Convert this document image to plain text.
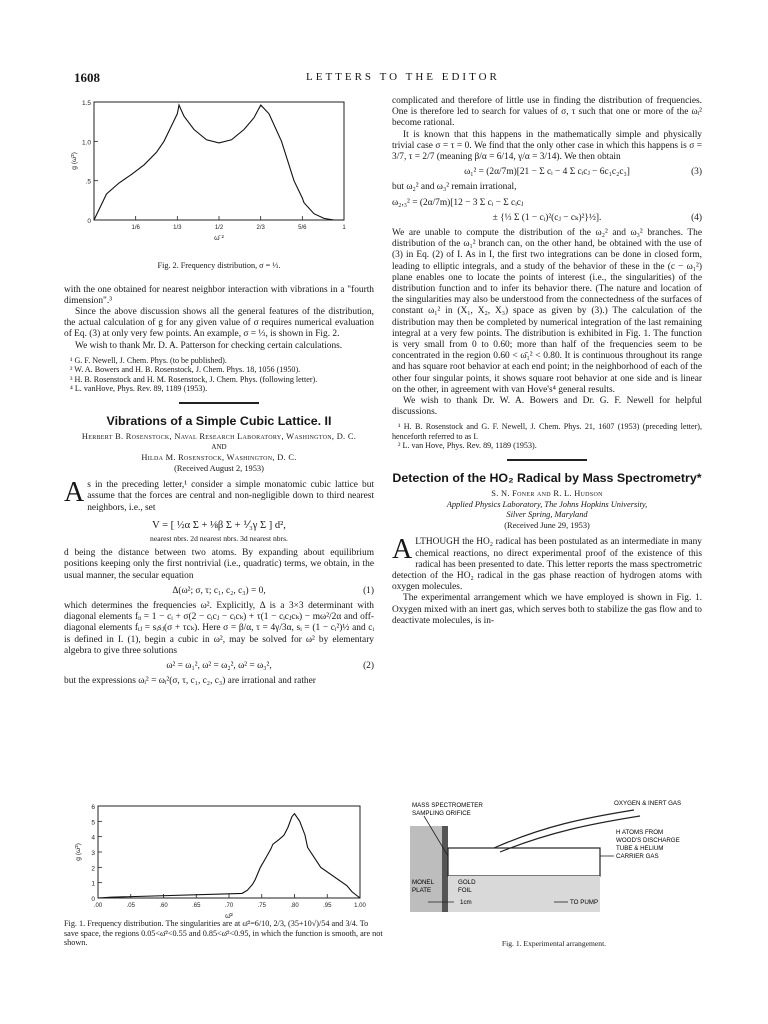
1608	LETTERS TO THE EDITOR
0
.5
1.0
1.5
1/6	1/3	1/2	2/3	5/6	1
g (ω̄²)
ω̄ ²
Fig. 2. Frequency distribution, σ = ⅓.

with the one obtained for nearest neighbor interaction with vibrations in a "fourth dimension".³

Since the above discussion shows all the general features of the distribution, the actual calculation of g for any given value of σ requires numerical evaluation of Eq. (3) at only very few points. An example, σ = ⅓, is shown in Fig. 2.

We wish to thank Mr. D. A. Patterson for checking certain calculations.

¹ G. F. Newell, J. Chem. Phys. (to be published).
² W. A. Bowers and H. B. Rosenstock, J. Chem. Phys. 18, 1056 (1950).
³ H. B. Rosenstock and H. M. Rosenstock, J. Chem. Phys. (following letter).
⁴ L. vanHove, Phys. Rev. 89, 1189 (1953).
Vibrations of a Simple Cubic Lattice. II
Herbert B. Rosenstock, Naval Research Laboratory, Washington, D. C.
AND
Hilda M. Rosenstock, Washington, D. C.
(Received August 2, 1953)

As in the preceding letter,¹ consider a simple monatomic cubic lattice but assume that the forces are central and non-negligible down to third nearest neighbors, i.e., set

V = [ ½α Σ + ⅛β Σ + ⅟₃γ Σ ] d²,
nearest nbrs. 2d nearest nbrs. 3d nearest nbrs.

d being the distance between two atoms. By expanding about equilibrium positions keeping only the first nontrivial (i.e., quadratic) terms, we obtain, in the usual manner, the secular equation

Δ(ω²; σ, τ; c₁, c₂, c₃) = 0,	(1)

which determines the frequencies ω². Explicitly, Δ is a 3×3 determinant with diagonal elements fᵢᵢ = 1 − cᵢ + σ(2 − cᵢcⱼ − cᵢcₖ) + τ(1 − cᵢcⱼcₖ) − mω²/2α and off-diagonal elements fᵢⱼ = sᵢsⱼ(σ + τcₖ). Here σ = β/α, τ = 4γ/3α, sᵢ = (1 − cᵢ²)½ and cᵢ is defined in I. (1), begin a cubic in ω², may be solved for ω² by elementary algebra to give three solutions

ω² = ω₁², ω² = ω₂², ω² = ω₃²,	(2)

but the expressions ωᵢ² = ωᵢ²(σ, τ, c₁, c₂, c₃) are irrational and rather

0
1
2
3
4
5
6
.00	.05	.60	.65	.70	.75	.80	.95	1.00
g (ω̄²)
ω̄²
Fig. 1. Frequency distribution. The singularities are at ω̄²=6/10, 2/3, (35+10√)/54 and 3/4. To save space, the regions 0.05<ω̄²<0.55 and 0.85<ω̄²<0.95, in which the function is smooth, are not shown.

complicated and therefore of little use in finding the distribution of frequencies. One is therefore led to search for values of σ, τ such that one or more of the ωᵢ² become rational.

It is known that this happens in the mathematically simple and physically trivial case σ = τ = 0. We find that the only other case in which this happens is σ = 3/7, τ = 2/7 (meaning β/α = 6/14, γ/α = 3/14). We then obtain

ω₁² = (2α/7m)[21 − Σ cᵢ − 4 Σ cᵢcⱼ − 6c₁c₂c₃]	(3)

but ω₂² and ω₃² remain irrational,

ω₂,₃² = (2α/7m)[12 − 3 Σ cᵢ − Σ cᵢcⱼ
± {⅓ Σ (1 − cᵢ)²(cⱼ − cₖ)²}½].	(4)

We are unable to compute the distribution of the ω₂² and ω₃² branches. The distribution of the ω₁² branch can, on the other hand, be obtained with the use of (3) in Eq. (2) of I. As in I, the first two integrations can be done in closed form, leading to elliptic integrals, and a study of the behavior of these in the (c − ω₁²) plane enables one to locate the points of interest (i.e., the singularities) of the distribution function and to infer its behavior there. (The nature and location of the singularities may also be understood from the connectedness of the surfaces of constant ω₁² in (X₁, X₂, X₃) space as given by (3).) The calculation of the distribution may then be completed by numerical integration of the last remaining integral at a very few points. The distribution is exhibited in Fig. 1. The function is very small from 0 to 0.60; more than half of the frequencies seem to be concentrated in the region 0.60 < ω̄₁² < 0.80. It is continuous throughout its range and has square root behavior at each end point; in the neighborhood of each of the other four singular points, it shows square root behavior at one side and is linear on the other, in agreement with van Hove's⁴ general results.

We wish to thank Dr. W. A. Bowers and Dr. G. F. Newell for helpful discussions.

¹ H. B. Rosenstock and G. F. Newell, J. Chem. Phys. 21, 1607 (1953) (preceding letter), henceforth referred to as I.
² L. van Hove, Phys. Rev. 89, 1189 (1953).
Detection of the HO₂ Radical by Mass Spectrometry*
S. N. Foner and R. L. Hudson
Applied Physics Laboratory, The Johns Hopkins University,
Silver Spring, Maryland
(Received June 29, 1953)

ALTHOUGH the HO₂ radical has been postulated as an intermediate in many chemical reactions, no direct experimental proof of the existence of this radical has been presented to date. This letter reports the mass spectrometric detection of the HO₂ radical in the gas phase reaction of hydrogen atoms with oxygen molecules.

The experimental arrangement which we have employed is shown in Fig. 1. Oxygen mixed with an inert gas, which serves both to stabilize the gas flow and to deactivate molecules, is in-

MASS SPECTROMETER
SAMPLING ORIFICE
OXYGEN & INERT GAS
H ATOMS FROM
WOOD'S DISCHARGE
TUBE & HELIUM
CARRIER GAS
MONEL
PLATE
GOLD
FOIL
1cm	TO PUMP
Fig. 1. Experimental arrangement.
